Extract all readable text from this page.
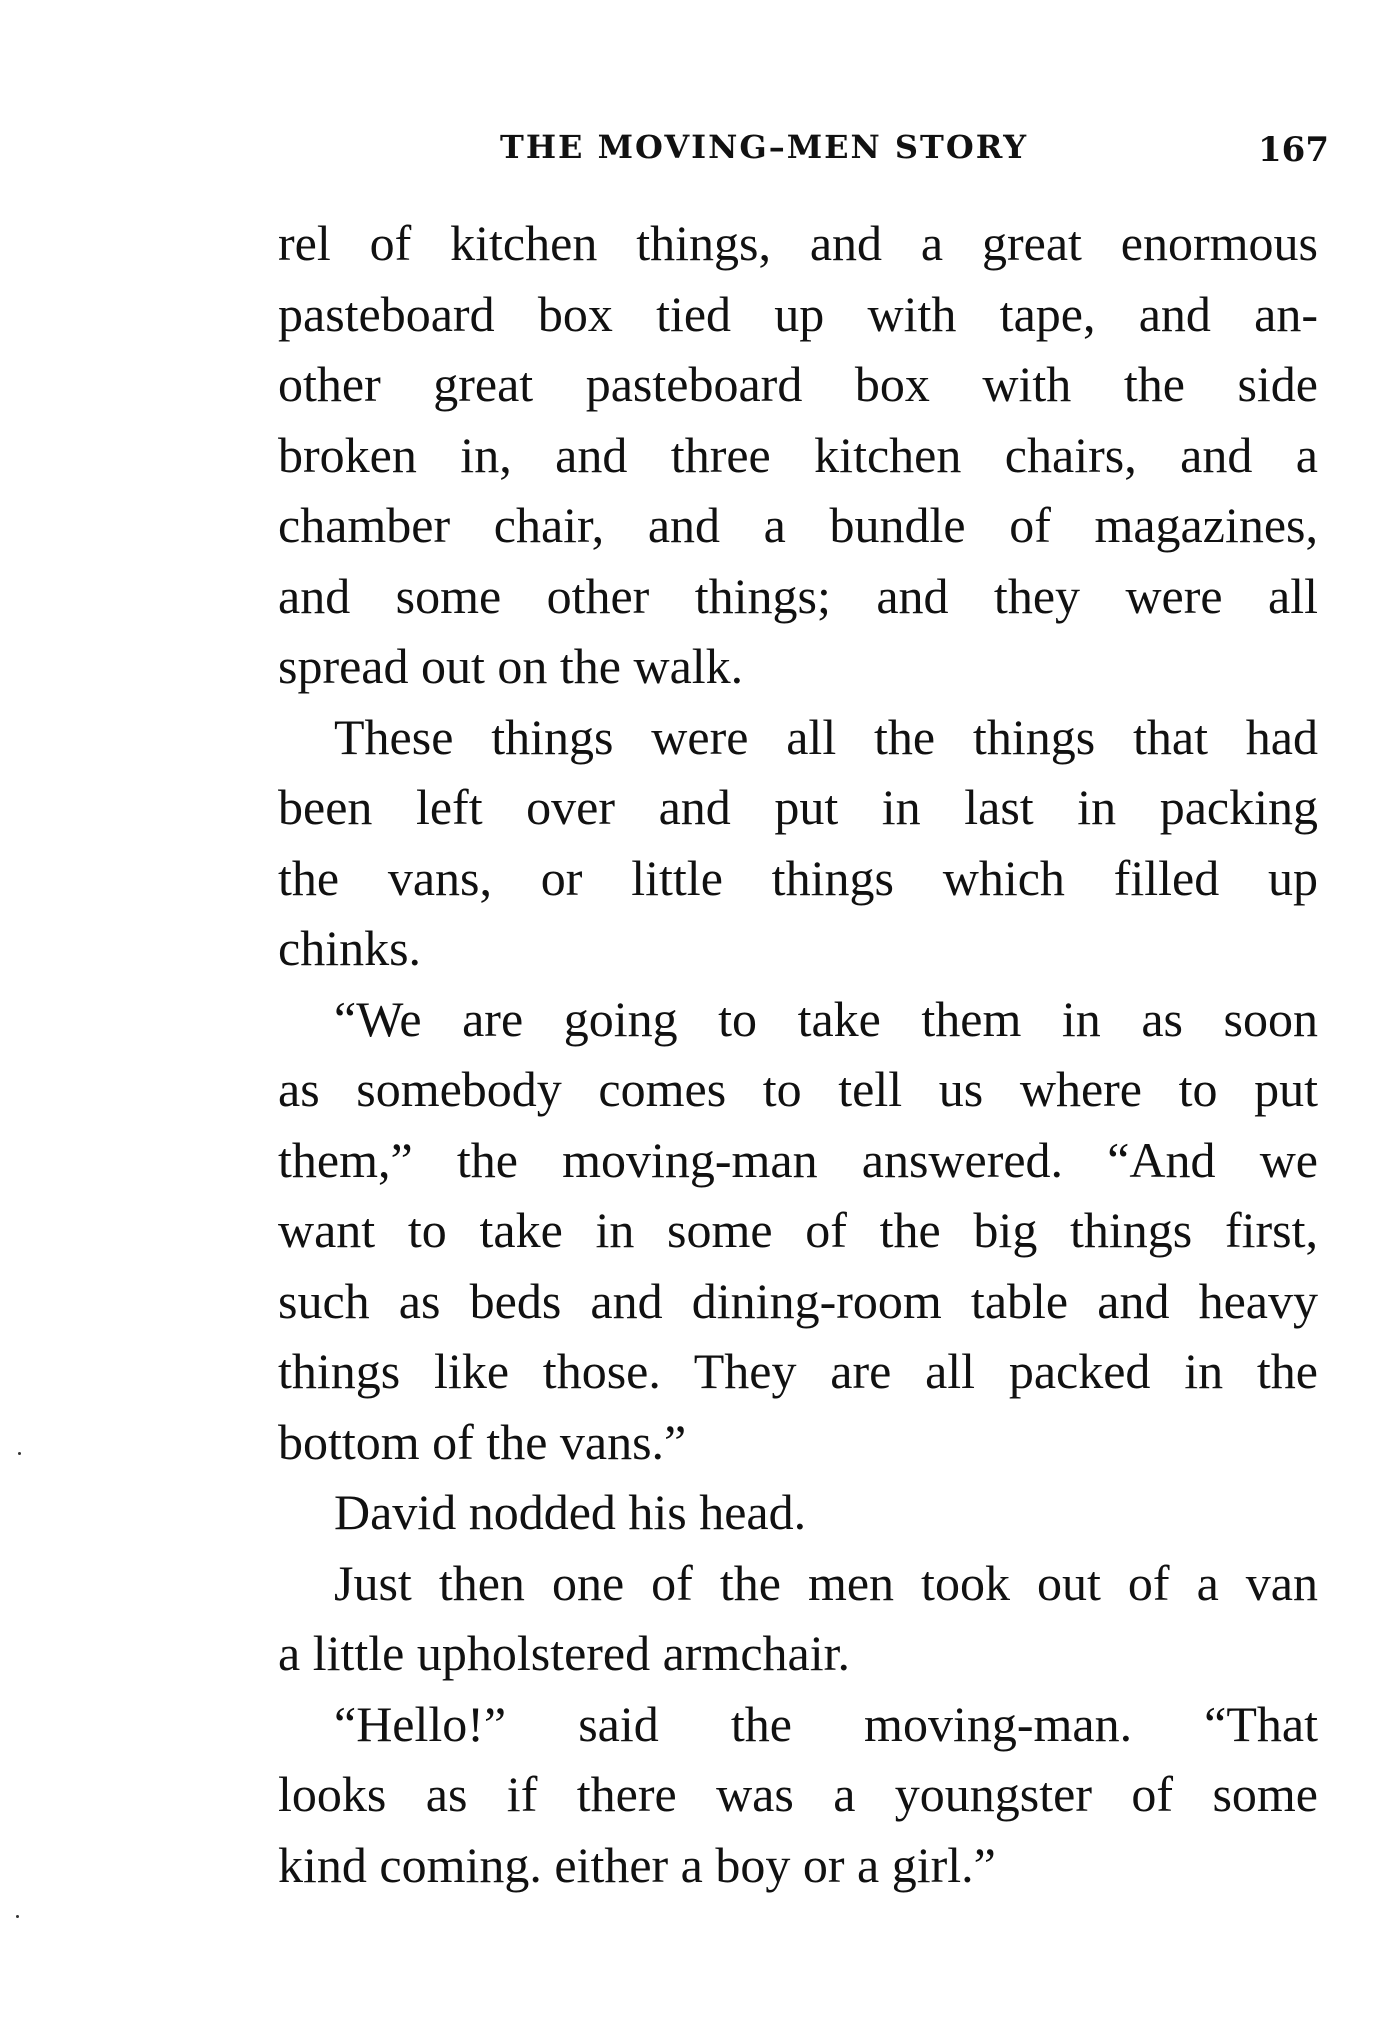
THE MOVING–MEN STORY	167
rel of kitchen things, and a great enormous
pasteboard box tied up with tape, and an-
other great pasteboard box with the side
broken in, and three kitchen chairs, and a
chamber chair, and a bundle of magazines,
and some other things; and they were all
spread out on the walk.
These things were all the things that had
been left over and put in last in packing
the vans, or little things which filled up
chinks.
“We are going to take them in as soon
as somebody comes to tell us where to put
them,” the moving-man answered. “And we
want to take in some of the big things first,
such as beds and dining-room table and heavy
things like those. They are all packed in the
bottom of the vans.”
David nodded his head.
Just then one of the men took out of a van
a little upholstered armchair.
“Hello!” said the moving-man. “That
looks as if there was a youngster of some
kind coming. either a boy or a girl.”
